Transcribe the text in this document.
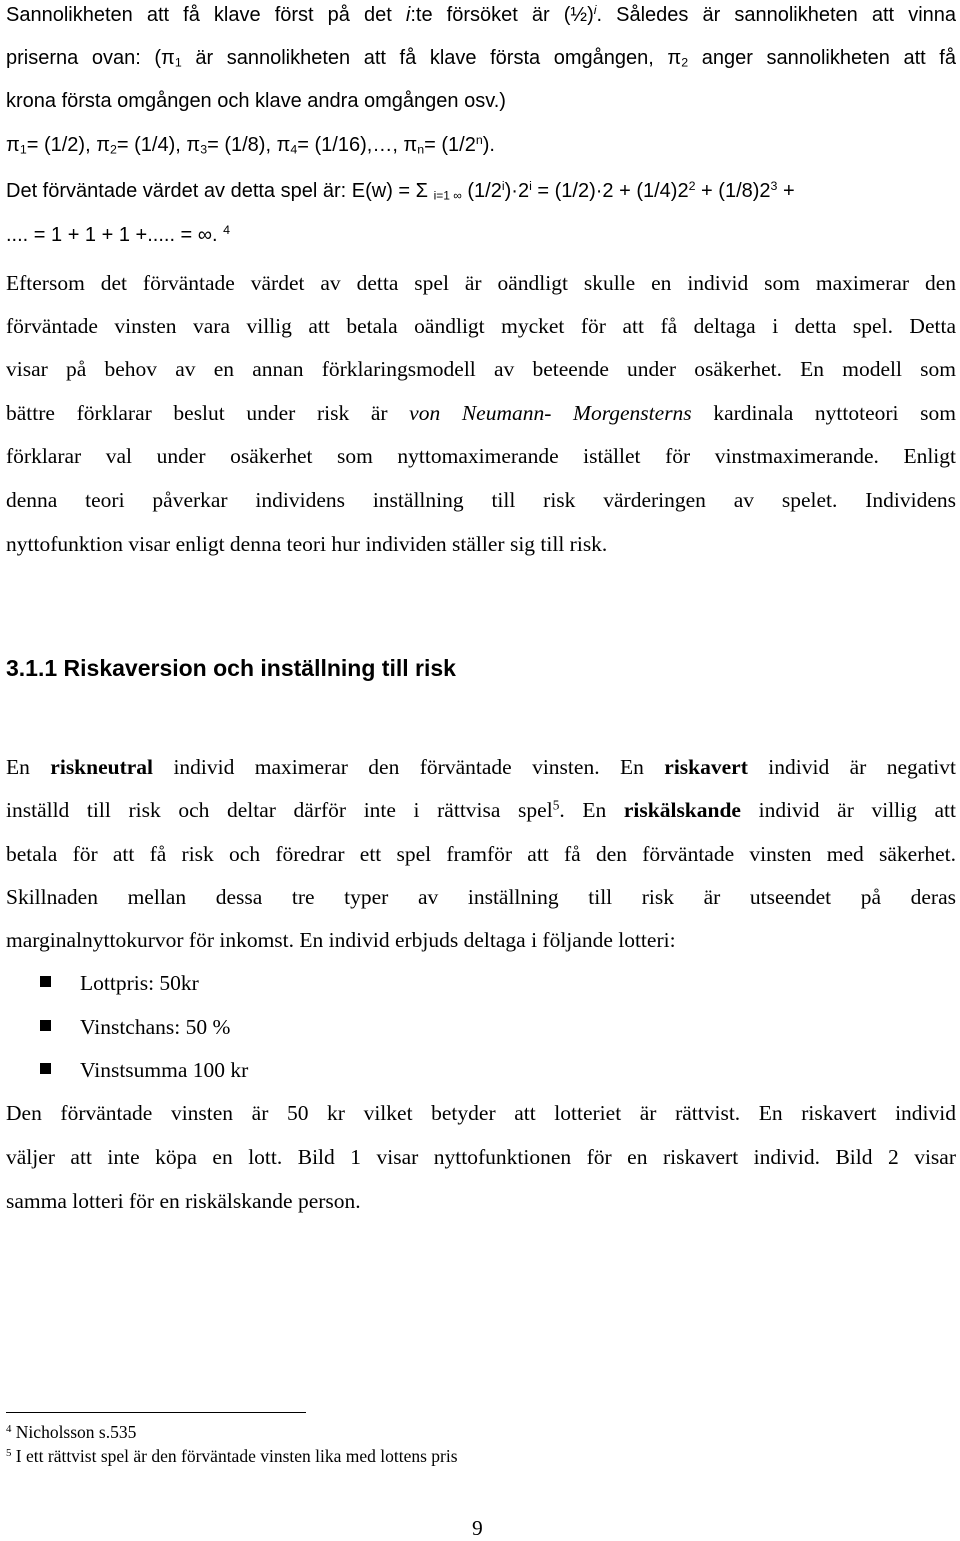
Sannolikheten att få klave först på det i:te försöket är (½)$^i$. Således är sannolikheten att vinna
priserna ovan: ($\pi_1$ är sannolikheten att få klave första omgången, $\pi_2$ anger sannolikheten att få
krona första omgången och klave andra omgången osv.)
$\pi_1= (1/2)$, $\pi_2= (1/4)$, $\pi_3= (1/8)$, $\pi_4=$ (1/16),…, $\pi_n= (1/2^n)$.
Det förväntade värdet av detta spel är: E(w) = Σ $_{i=1 \infty}$ $(1/2^i)\cdot 2^i = (1/2)\cdot 2 + (1/4)2^2 + (1/8)2^3$ +
.... = 1 + 1 + 1 +..... = ∞. $^4$
Eftersom det förväntade värdet av detta spel är oändligt skulle en individ som maximerar den
förväntade vinsten vara villig att betala oändligt mycket för att få deltaga i detta spel. Detta
visar på behov av en annan förklaringsmodell av beteende under osäkerhet. En modell som
bättre förklarar beslut under risk är von Neumann- Morgensterns kardinala nyttoteori som
förklarar val under osäkerhet som nyttomaximerande istället för vinstmaximerande. Enligt
denna teori påverkar individens inställning till risk värderingen av spelet. Individens
nyttofunktion visar enligt denna teori hur individen ställer sig till risk.
3.1.1 Riskaversion och inställning till risk
En riskneutral individ maximerar den förväntade vinsten. En riskavert individ är negativt
inställd till risk och deltar därför inte i rättvisa spel$^5$. En riskälskande individ är villig att
betala för att få risk och föredrar ett spel framför att få den förväntade vinsten med säkerhet.
Skillnaden mellan dessa tre typer av inställning till risk är utseendet på deras
marginalnyttokurvor för inkomst. En individ erbjuds deltaga i följande lotteri:
Lottpris: 50kr
Vinstchans: 50 %
Vinstsumma 100 kr
Den förväntade vinsten är 50 kr vilket betyder att lotteriet är rättvist. En riskavert individ
väljer att inte köpa en lott. Bild 1 visar nyttofunktionen för en riskavert individ. Bild 2 visar
samma lotteri för en riskälskande person.
$^4$ Nicholsson s.535
$^5$ I ett rättvist spel är den förväntade vinsten lika med lottens pris
9
